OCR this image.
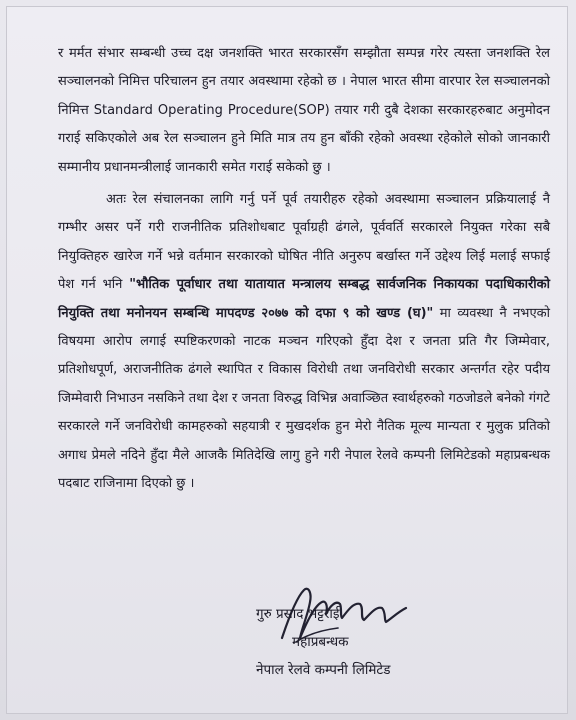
र मर्मत संभार सम्बन्धी उच्च दक्ष जनशक्ति भारत सरकारसँग सम्झौता सम्पन्न गरेर त्यस्ता जनशक्ति रेल सञ्चालनको निमित्त परिचालन हुन तयार अवस्थामा रहेको छ । नेपाल भारत सीमा वारपार रेल सञ्चालनको निमित्त Standard Operating Procedure(SOP) तयार गरी दुबै देशका सरकारहरुबाट अनुमोदन गराई सकिएकोले अब रेल सञ्चालन हुने मिति मात्र तय हुन बाँकी रहेको अवस्था रहेकोले सोको जानकारी सम्मानीय प्रधानमन्त्रीलाई जानकारी समेत गराई सकेको छु ।

अतः रेल संचालनका लागि गर्नु पर्ने पूर्व तयारीहरु रहेको अवस्थामा सञ्चालन प्रक्रियालाई नै गम्भीर असर पर्ने गरी राजनीतिक प्रतिशोधबाट पूर्वाग्रही ढंगले, पूर्ववर्ति सरकारले नियुक्त गरेका सबै नियुक्तिहरु खारेज गर्ने भन्ने वर्तमान सरकारको घोषित नीति अनुरुप बर्खास्त गर्ने उद्देश्य लिई मलाई सफाई पेश गर्न भनि "भौतिक पूर्वाधार तथा यातायात मन्त्रालय सम्बद्ध सार्वजनिक निकायका पदाधिकारीको नियुक्ति तथा मनोनयन सम्बन्धि मापदण्ड २०७७ को दफा ९ को खण्ड (घ)" मा व्यवस्था नै नभएको विषयमा आरोप लगाई स्पष्टिकरणको नाटक मञ्चन गरिएको हुँदा देश र जनता प्रति गैर जिम्मेवार, प्रतिशोधपूर्ण, अराजनीतिक ढंगले स्थापित र विकास विरोधी तथा जनविरोधी सरकार अन्तर्गत रहेर पदीय जिम्मेवारी निभाउन नसकिने तथा देश र जनता विरुद्ध विभिन्न अवाञ्छित स्वार्थहरुको गठजोडले बनेको गंगटे सरकारले गर्ने जनविरोधी कामहरुको सहयात्री र मुखदर्शक हुन मेरो नैतिक मूल्य मान्यता र मुलुक प्रतिको अगाध प्रेमले नदिने हुँदा मैले आजकै मितिदेखि लागु हुने गरी नेपाल रेलवे कम्पनी लिमिटेडको महाप्रबन्धक पदबाट राजिनामा दिएको छु ।

गुरु प्रसाद भट्टराई
महाप्रबन्धक
नेपाल रेलवे कम्पनी लिमिटेड
